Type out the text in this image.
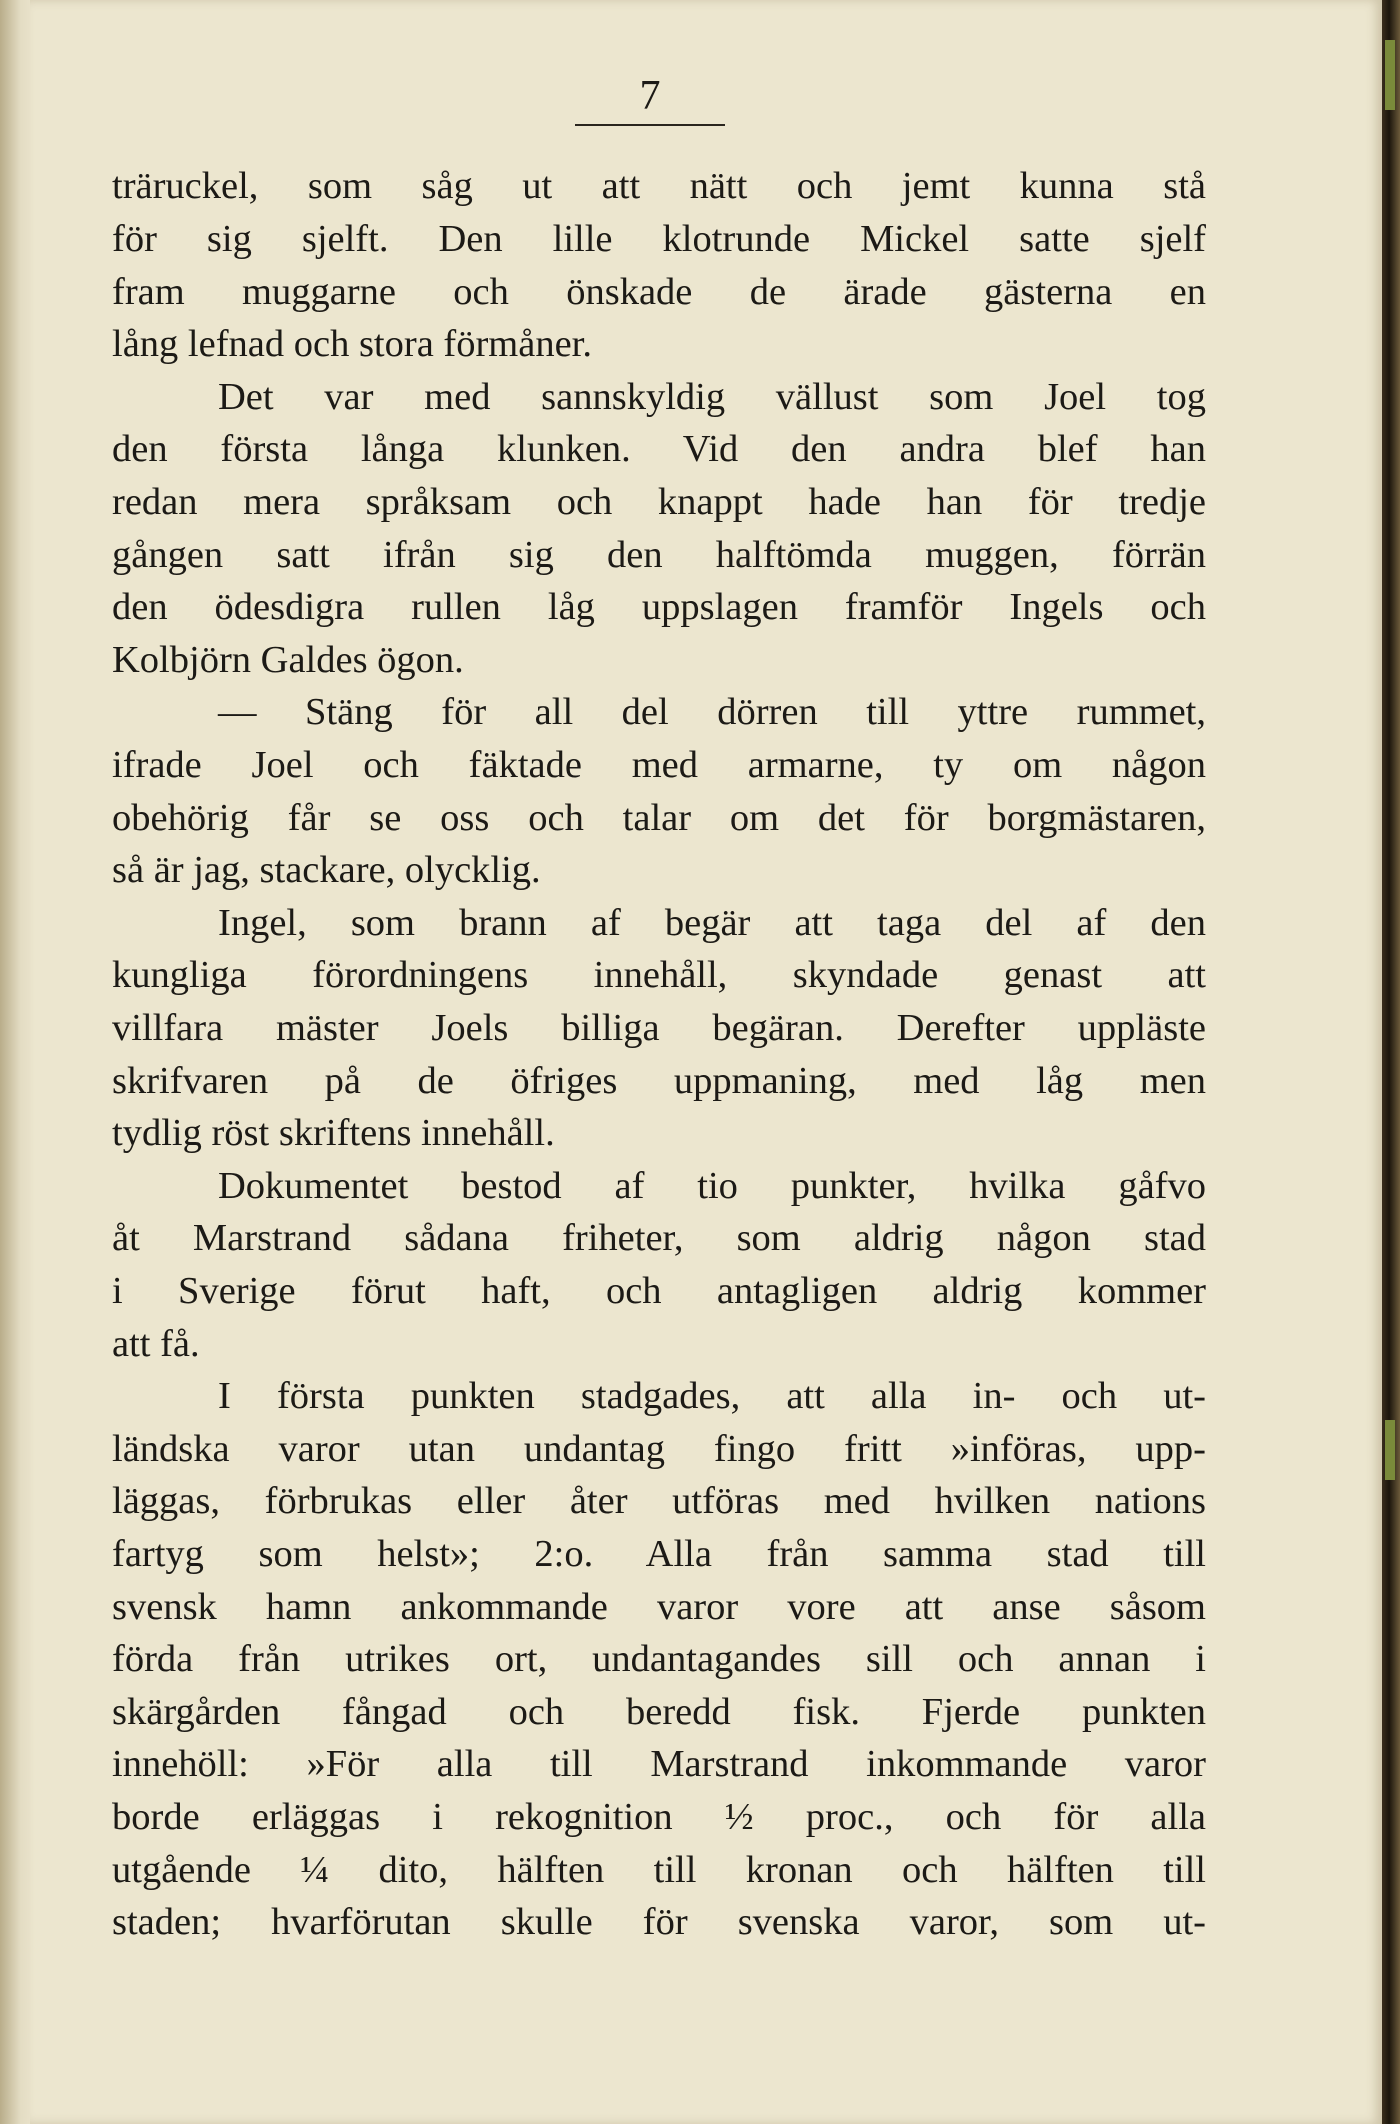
7
träruckel, som såg ut att nätt och jemt kunna stå
för sig sjelft. Den lille klotrunde Mickel satte sjelf
fram muggarne och önskade de ärade gästerna en
lång lefnad och stora förmåner.
Det var med sannskyldig vällust som Joel tog
den första långa klunken. Vid den andra blef han
redan mera språksam och knappt hade han för tredje
gången satt ifrån sig den halftömda muggen, förrän
den ödesdigra rullen låg uppslagen framför Ingels och
Kolbjörn Galdes ögon.
— Stäng för all del dörren till yttre rummet,
ifrade Joel och fäktade med armarne, ty om någon
obehörig får se oss och talar om det för borgmästaren,
så är jag, stackare, olycklig.
Ingel, som brann af begär att taga del af den
kungliga förordningens innehåll, skyndade genast att
villfara mäster Joels billiga begäran. Derefter uppläste
skrifvaren på de öfriges uppmaning, med låg men
tydlig röst skriftens innehåll.
Dokumentet bestod af tio punkter, hvilka gåfvo
åt Marstrand sådana friheter, som aldrig någon stad
i Sverige förut haft, och antagligen aldrig kommer
att få.
I första punkten stadgades, att alla in- och ut-
ländska varor utan undantag fingo fritt »införas, upp-
läggas, förbrukas eller åter utföras med hvilken nations
fartyg som helst»; 2:o. Alla från samma stad till
svensk hamn ankommande varor vore att anse såsom
förda från utrikes ort, undantagandes sill och annan i
skärgården fångad och beredd fisk. Fjerde punkten
innehöll: »För alla till Marstrand inkommande varor
borde erläggas i rekognition ½ proc., och för alla
utgående ¼ dito, hälften till kronan och hälften till
staden; hvarförutan skulle för svenska varor, som ut-
